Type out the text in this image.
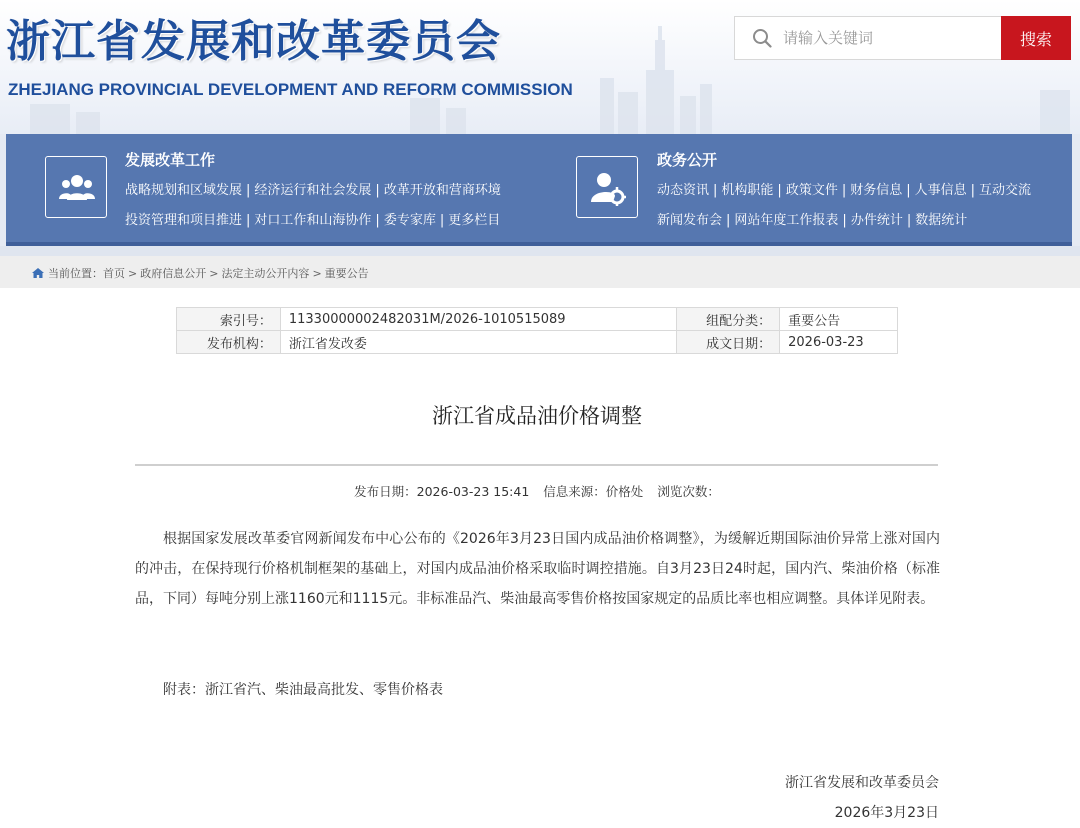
浙江省发展和改革委员会
ZHEJIANG PROVINCIAL DEVELOPMENT AND REFORM COMMISSION
请输入关键词
搜索
发展改革工作
战略规划和区域发展 | 经济运行和社会发展 | 改革开放和营商环境
投资管理和项目推进 | 对口工作和山海协作 | 委专家库 | 更多栏目
政务公开
动态资讯 | 机构职能 | 政策文件 | 财务信息 | 人事信息 | 互动交流
新闻发布会 | 网站年度工作报表 | 办件统计 | 数据统计
当前位置：首页 > 政府信息公开 > 法定主动公开内容 > 重要公告
索引号：	11330000002482031M/2026-1010515089	组配分类：	重要公告
发布机构：	浙江省发改委	成文日期：	2026-03-23
浙江省成品油价格调整
发布日期：2026-03-23 15:41 信息来源：价格处 浏览次数：
根据国家发展改革委官网新闻发布中心公布的《2026年3月23日国内成品油价格调整》，为缓解近期国际油价异常上涨对国内的冲击，在保持现行价格机制框架的基础上，对国内成品油价格采取临时调控措施。自3月23日24时起，国内汽、柴油价格（标准品，下同）每吨分别上涨1160元和1115元。非标准品汽、柴油最高零售价格按国家规定的品质比率也相应调整。具体详见附表。
附表：浙江省汽、柴油最高批发、零售价格表
浙江省发展和改革委员会
2026年3月23日
